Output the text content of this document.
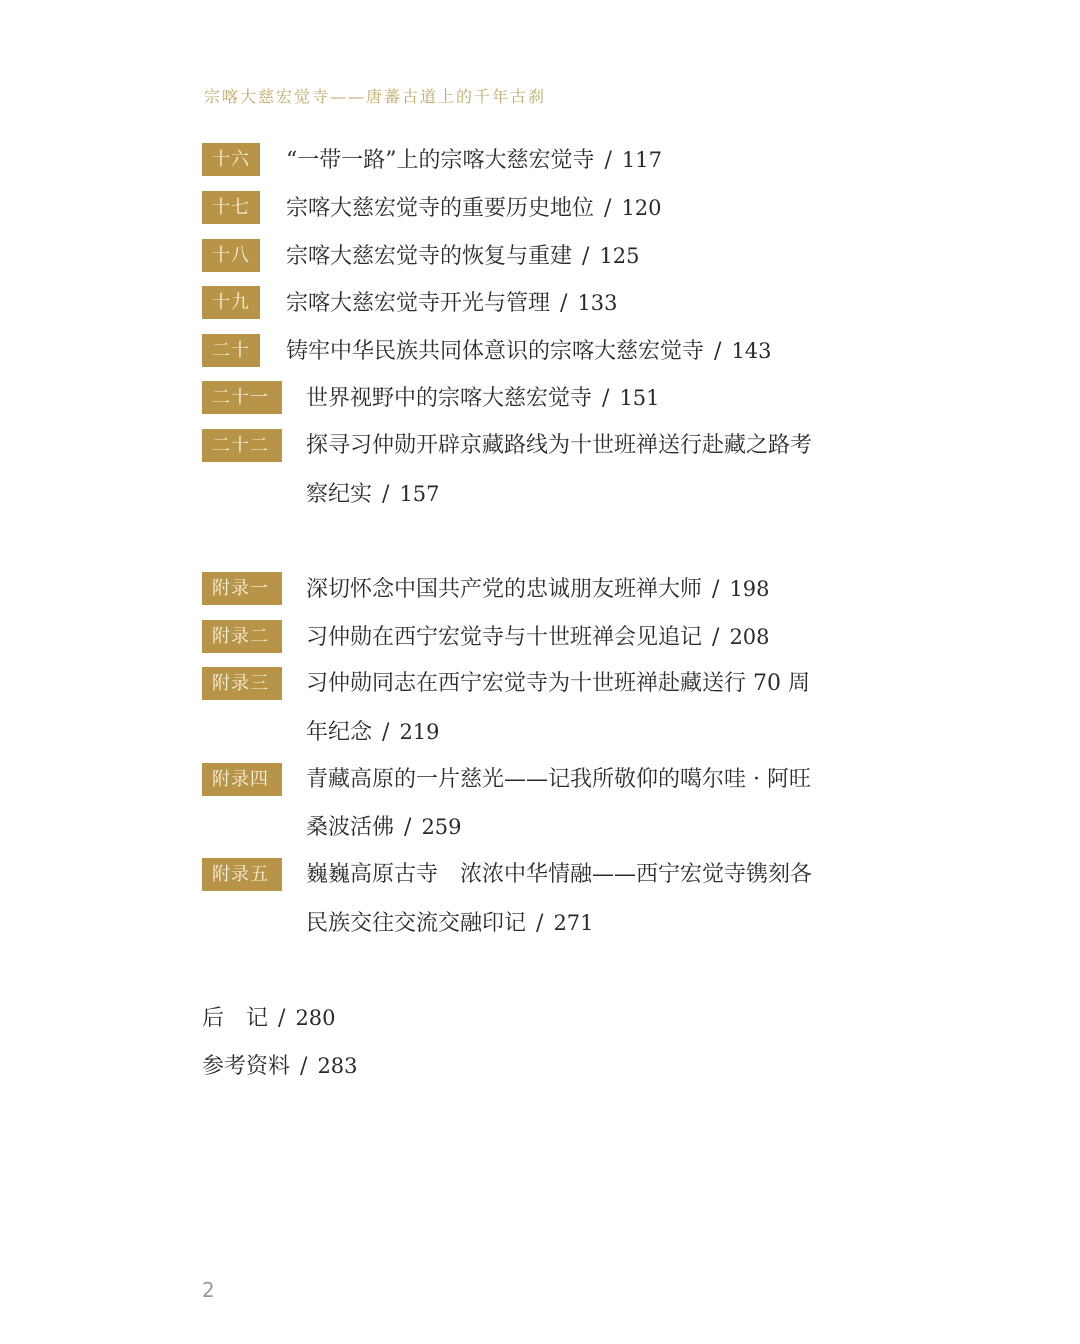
宗喀大慈宏觉寺——唐蕃古道上的千年古刹
十六	“一带一路”上的宗喀大慈宏觉寺 / 117
十七	宗喀大慈宏觉寺的重要历史地位 / 120
十八	宗喀大慈宏觉寺的恢复与重建 / 125
十九	宗喀大慈宏觉寺开光与管理 / 133
二十	铸牢中华民族共同体意识的宗喀大慈宏觉寺 / 143
二十一	世界视野中的宗喀大慈宏觉寺 / 151
二十二	探寻习仲勋开辟京藏路线为十世班禅送行赴藏之路考
察纪实 / 157
附录一	深切怀念中国共产党的忠诚朋友班禅大师 / 198
附录二	习仲勋在西宁宏觉寺与十世班禅会见追记 / 208
附录三	习仲勋同志在西宁宏觉寺为十世班禅赴藏送行 70 周
年纪念 / 219
附录四	青藏高原的一片慈光——记我所敬仰的噶尔哇 · 阿旺
桑波活佛 / 259
附录五	巍巍高原古寺　浓浓中华情融——西宁宏觉寺镌刻各
民族交往交流交融印记 / 271
后　记 / 280
参考资料 / 283
2
